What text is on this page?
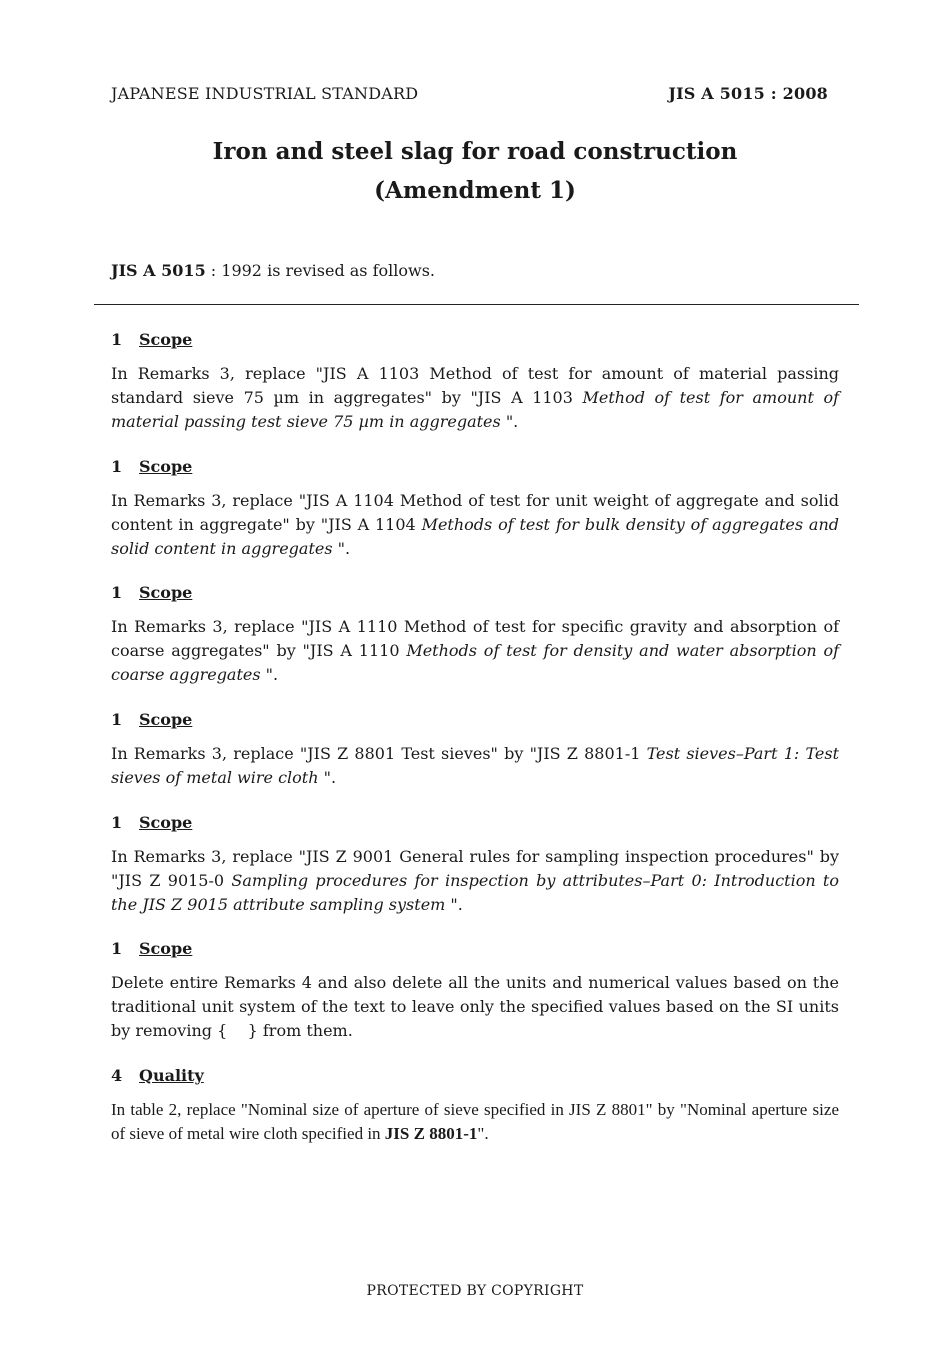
JAPANESE INDUSTRIAL STANDARD	JIS A 5015 : 2008
Iron and steel slag for road construction
(Amendment 1)
JIS A 5015 : 1992 is revised as follows.
1 Scope

In Remarks 3, replace "JIS A 1103 Method of test for amount of material passing standard sieve 75 µm in aggregates" by "JIS A 1103 Method of test for amount of material passing test sieve 75 µm in aggregates ".

1 Scope

In Remarks 3, replace "JIS A 1104 Method of test for unit weight of aggregate and solid content in aggregate" by "JIS A 1104 Methods of test for bulk density of aggregates and solid content in aggregates ".

1 Scope

In Remarks 3, replace "JIS A 1110 Method of test for specific gravity and absorption of coarse aggregates" by "JIS A 1110 Methods of test for density and water absorption of coarse aggregates ".

1 Scope

In Remarks 3, replace "JIS Z 8801 Test sieves" by "JIS Z 8801-1 Test sieves–Part 1: Test sieves of metal wire cloth ".

1 Scope

In Remarks 3, replace "JIS Z 9001 General rules for sampling inspection procedures" by "JIS Z 9015-0 Sampling procedures for inspection by attributes–Part 0: Introduction to the JIS Z 9015 attribute sampling system ".

1 Scope

Delete entire Remarks 4 and also delete all the units and numerical values based on the traditional unit system of the text to leave only the specified values based on the SI units by removing {    } from them.

4 Quality

In table 2, replace "Nominal size of aperture of sieve specified in JIS Z 8801" by "Nominal aperture size of sieve of metal wire cloth specified in JIS Z 8801-1".

PROTECTED BY COPYRIGHT
